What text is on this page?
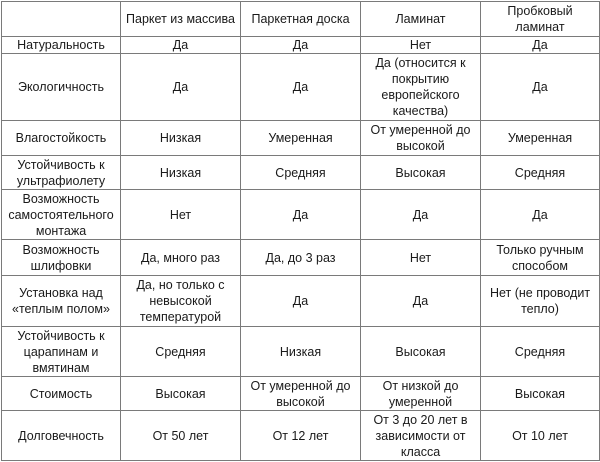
	Паркет из массива	Паркетная доска	Ламинат	Пробковый ламинат
Натуральность	Да	Да	Нет	Да
Экологичность	Да	Да	Да (относится к покрытию европейского качества)	Да
Влагостойкость	Низкая	Умеренная	От умеренной до высокой	Умеренная
Устойчивость к ультрафиолету	Низкая	Средняя	Высокая	Средняя
Возможность самостоятельного монтажа	Нет	Да	Да	Да
Возможность шлифовки	Да, много раз	Да, до 3 раз	Нет	Только ручным способом
Установка над «теплым полом»	Да, но только с невысокой температурой	Да	Да	Нет (не проводит тепло)
Устойчивость к царапинам и вмятинам	Средняя	Низкая	Высокая	Средняя
Стоимость	Высокая	От умеренной до высокой	От низкой до умеренной	Высокая
Долговечность	От 50 лет	От 12 лет	От 3 до 20 лет в зависимости от класса	От 10 лет
